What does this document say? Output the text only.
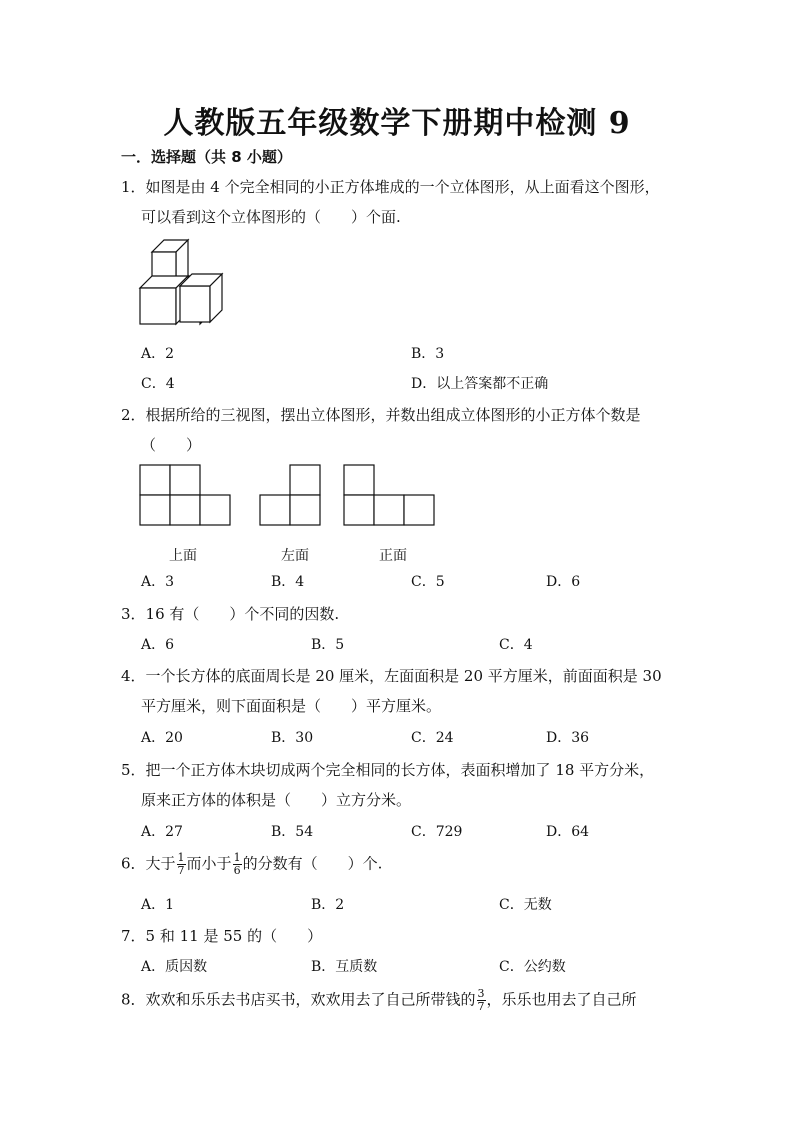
人教版五年级数学下册期中检测 9
一．选择题（共 8 小题）
1．如图是由 4 个完全相同的小正方体堆成的一个立体图形，从上面看这个图形，
可以看到这个立体图形的（　　）个面.
A．2	B．3
C．4	D．以上答案都不正确
2．根据所给的三视图，摆出立体图形，并数出组成立体图形的小正方体个数是
（　　）
上面	左面	正面
A．3	B．4	C．5	D．6
3．16 有（　　）个不同的因数.
A．6	B．5	C．4
4．一个长方体的底面周长是 20 厘米，左面面积是 20 平方厘米，前面面积是 30
平方厘米，则下面面积是（　　）平方厘米。
A．20	B．30	C．24	D．36
5．把一个正方体木块切成两个完全相同的长方体，表面积增加了 18 平方分米，
原来正方体的体积是（　　）立方分米。
A．27	B．54	C．729	D．64
6．大于 $\frac{1}{7}$ 而小于 $\frac{1}{6}$ 的分数有（　　）个.
A．1	B．2	C．无数
7．5 和 11 是 55 的（　　）
A．质因数	B．互质数	C．公约数
8．欢欢和乐乐去书店买书，欢欢用去了自己所带钱的 $\frac{3}{7}$ ，乐乐也用去了自己所
